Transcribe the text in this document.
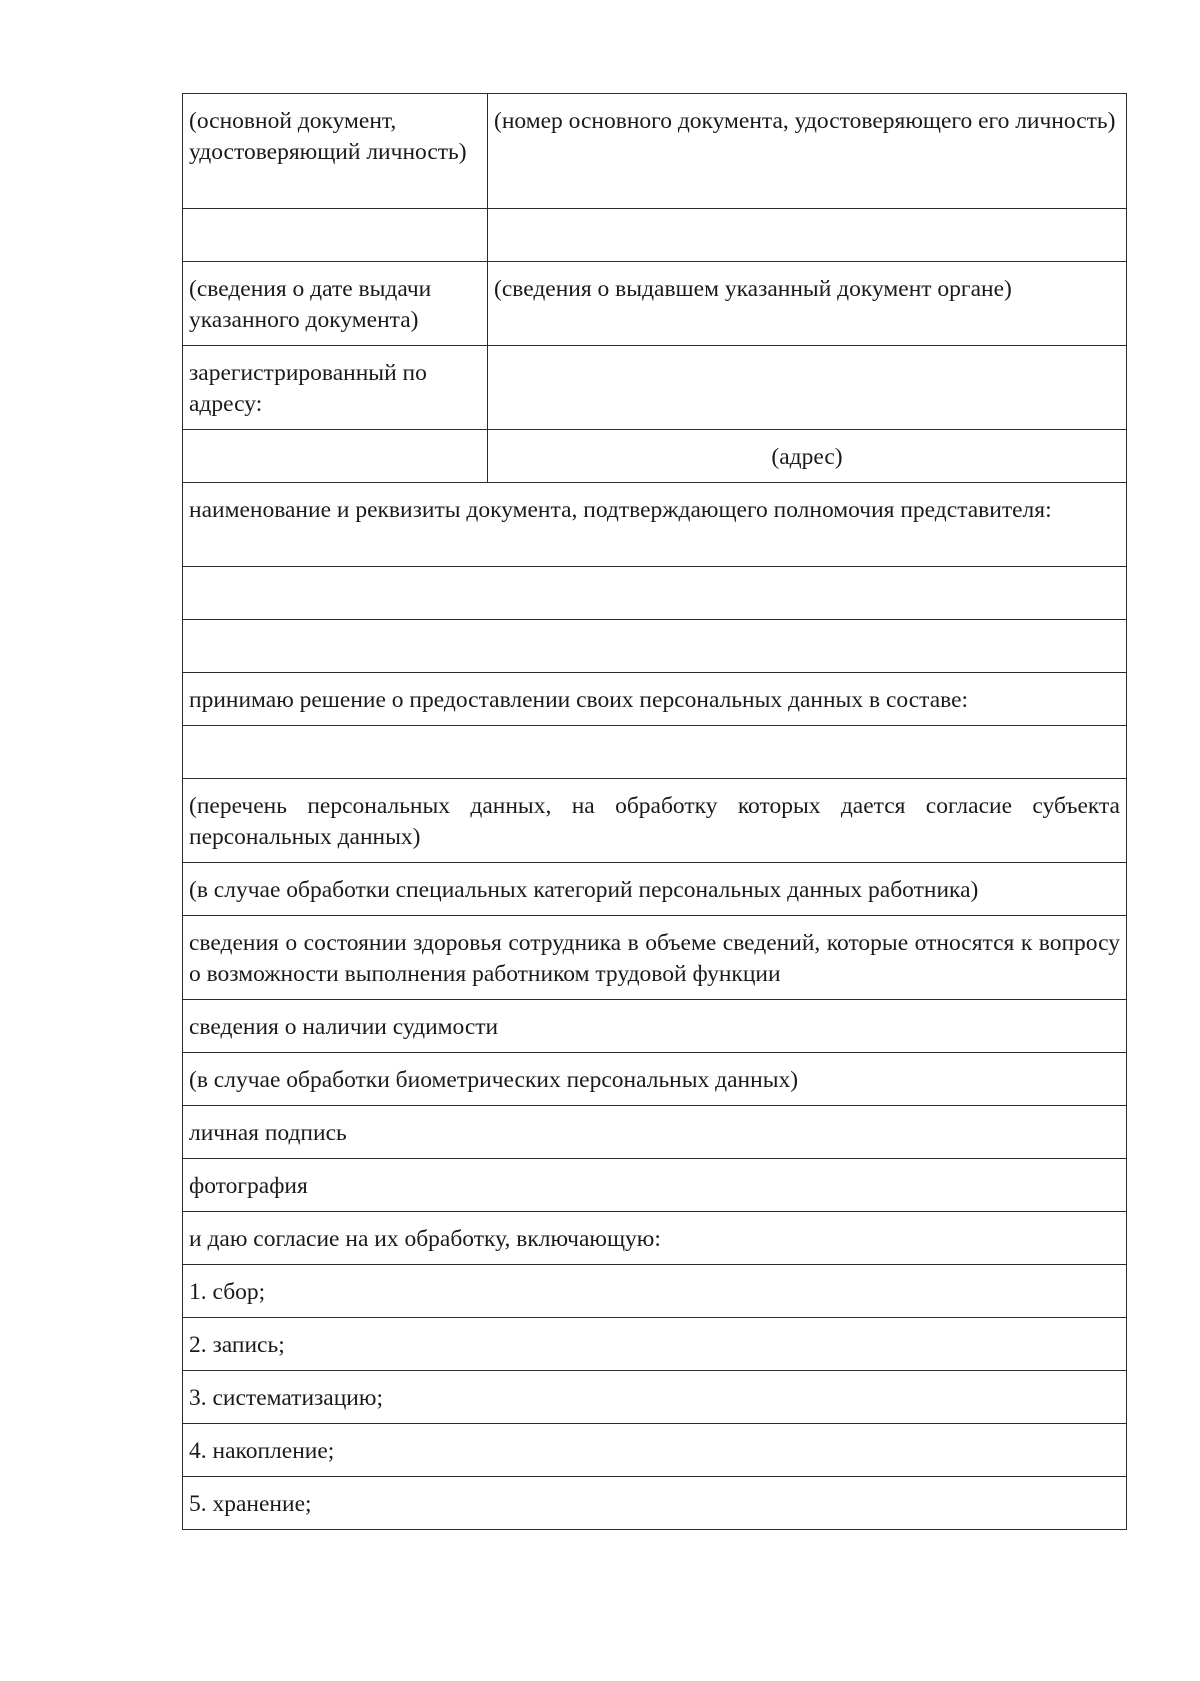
(основной документ, удостоверяющий личность)	(номер основного документа, удостоверяющего его личность)

(сведения о дате выдачи указанного документа)	(сведения о выдавшем указанный документ органе)
зарегистрированный по адресу:	
	(адрес)
наименование и реквизиты документа, подтверждающего полномочия представителя:	

принимаю решение о предоставлении своих персональных данных в составе:	

(перечень персональных данных, на обработку которых дается согласие субъекта персональных данных)	
(в случае обработки специальных категорий персональных данных работника)	
сведения о состоянии здоровья сотрудника в объеме сведений, которые относятся к вопросу о возможности выполнения работником трудовой функции	
сведения о наличии судимости	
(в случае обработки биометрических персональных данных)	
личная подпись	
фотография	
и даю согласие на их обработку, включающую:	
1. сбор;	
2. запись;	
3. систематизацию;	
4. накопление;	
5. хранение;	
